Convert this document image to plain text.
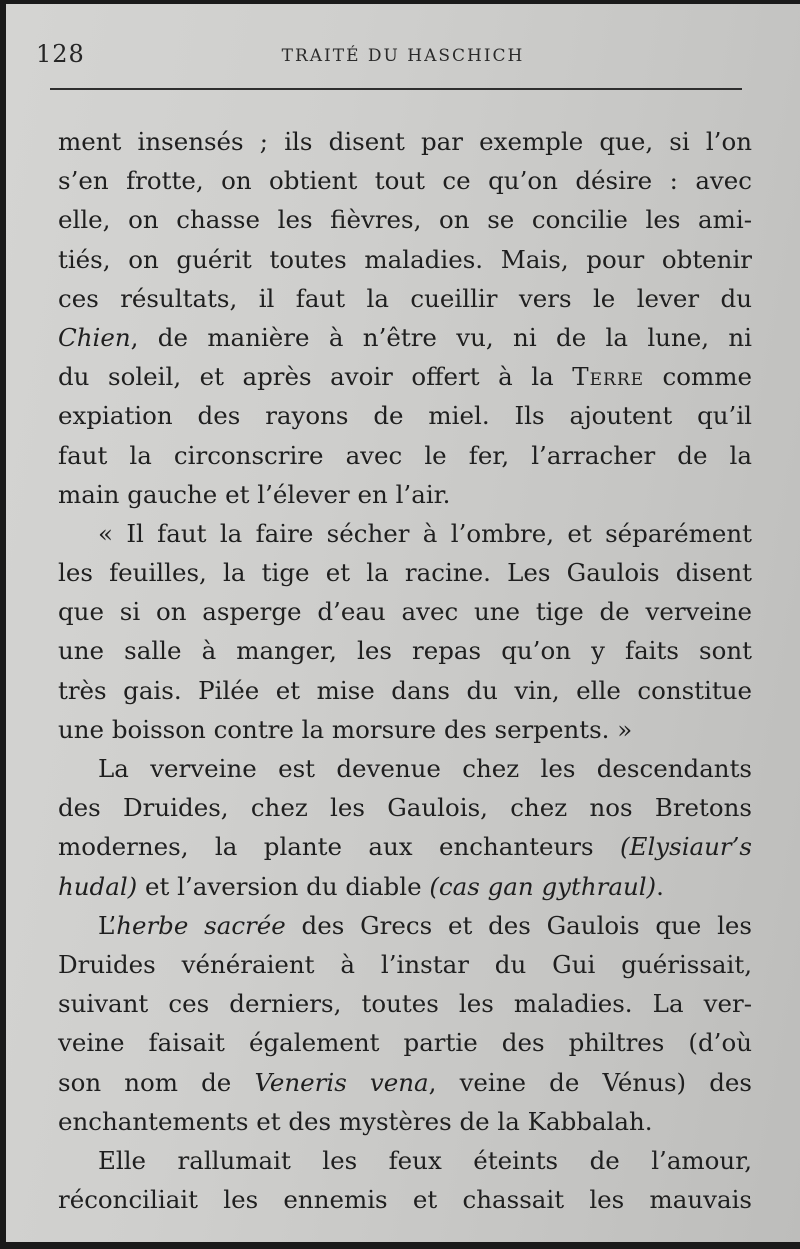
128	TRAITÉ DU HASCHICH
ment insensés ; ils disent par exemple que, si l’on
s’en frotte, on obtient tout ce qu’on désire : avec
elle, on chasse les fièvres, on se concilie les ami-
tiés, on guérit toutes maladies. Mais, pour obtenir
ces résultats, il faut la cueillir vers le lever du
Chien, de manière à n’être vu, ni de la lune, ni
du soleil, et après avoir offert à la Terre comme
expiation des rayons de miel. Ils ajoutent qu’il
faut la circonscrire avec le fer, l’arracher de la
main gauche et l’élever en l’air.
« Il faut la faire sécher à l’ombre, et séparément
les feuilles, la tige et la racine. Les Gaulois disent
que si on asperge d’eau avec une tige de verveine
une salle à manger, les repas qu’on y faits sont
très gais. Pilée et mise dans du vin, elle constitue
une boisson contre la morsure des serpents. »
La verveine est devenue chez les descendants
des Druides, chez les Gaulois, chez nos Bretons
modernes, la plante aux enchanteurs (Elysiaur’s
hudal) et l’aversion du diable (cas gan gythraul).
L’herbe sacrée des Grecs et des Gaulois que les
Druides vénéraient à l’instar du Gui guérissait,
suivant ces derniers, toutes les maladies. La ver-
veine faisait également partie des philtres (d’où
son nom de Veneris vena, veine de Vénus) des
enchantements et des mystères de la Kabbalah.
Elle rallumait les feux éteints de l’amour,
réconciliait les ennemis et chassait les mauvais
